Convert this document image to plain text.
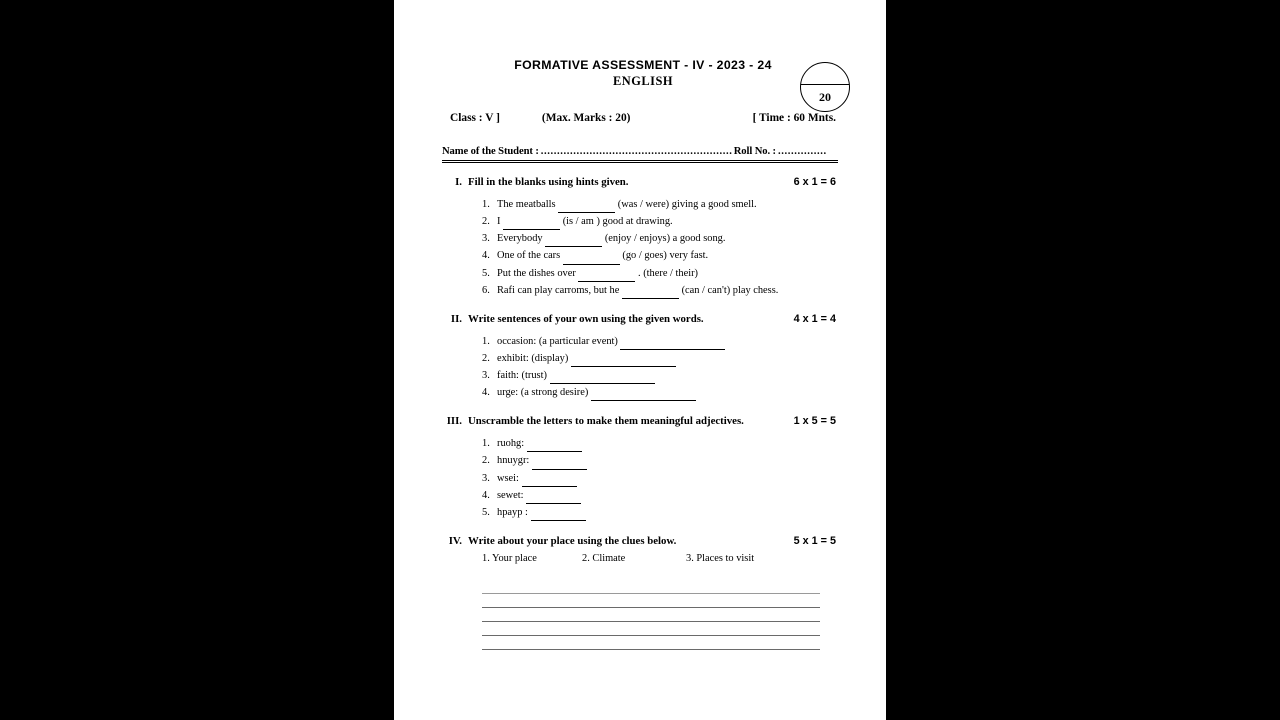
FORMATIVE ASSESSMENT - IV - 2023 - 24
ENGLISH
20
Class : V ]	(Max. Marks : 20)	[ Time : 60 Mnts.
Name of the Student : ........................................................... Roll No. : ...............
I. Fill in the blanks using hints given.	6 x 1 = 6
1. The meatballs	(was / were) giving a good smell.
2. I	(is / am ) good at drawing.
3. Everybody	(enjoy / enjoys) a good song.
4. One of the cars	(go / goes) very fast.
5. Put the dishes over	. (there / their)
6. Rafi can play carroms, but he	(can / can't) play chess.
II. Write sentences of your own using the given words.	4 x 1 = 4
1. occasion: (a particular event)
2. exhibit: (display)
3. faith: (trust)
4. urge: (a strong desire)
III. Unscramble the letters to make them meaningful adjectives.	1 x 5 = 5
1. ruohg:
2. hnuygr:
3. wsei:
4. sewet:
5. hpayp :
IV. Write about your place using the clues below.	5 x 1 = 5
1. Your place	2. Climate	3. Places to visit
